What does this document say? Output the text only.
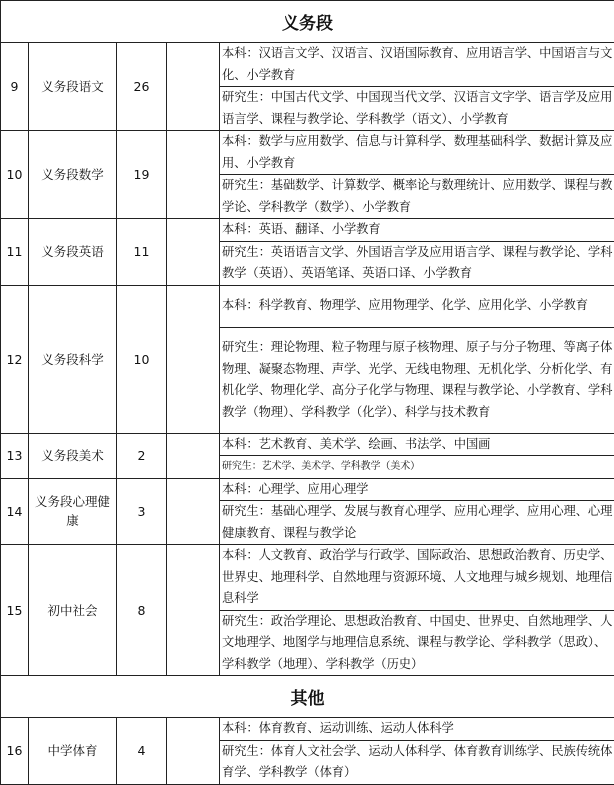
义务段				
9	义务段语文	26		本科：汉语言文学、汉语言、汉语国际教育、应用语言学、中国语言与文化、小学教育
				研究生：中国古代文学、中国现当代文学、汉语言文字学、语言学及应用语言学、课程与教学论、学科教学（语文）、小学教育
10	义务段数学	19		本科：数学与应用数学、信息与计算科学、数理基础科学、数据计算及应用、小学教育
				研究生：基础数学、计算数学、概率论与数理统计、应用数学、课程与教学论、学科教学（数学）、小学教育
11	义务段英语	11		本科：英语、翻译、小学教育
				研究生：英语语言文学、外国语言学及应用语言学、课程与教学论、学科教学（英语）、英语笔译、英语口译、小学教育
12	义务段科学	10		本科：科学教育、物理学、应用物理学、化学、应用化学、小学教育
				研究生：理论物理、粒子物理与原子核物理、原子与分子物理、等离子体物理、凝聚态物理、声学、光学、无线电物理、无机化学、分析化学、有机化学、物理化学、高分子化学与物理、课程与教学论、小学教育、学科教学（物理）、学科教学（化学）、科学与技术教育
13	义务段美术	2		本科：艺术教育、美术学、绘画、书法学、中国画
				研究生：艺术学、美术学、学科教学（美术）
14	义务段心理健康	3		本科：心理学、应用心理学
				研究生：基础心理学、发展与教育心理学、应用心理学、应用心理、心理健康教育、课程与教学论
15	初中社会	8		本科：人文教育、政治学与行政学、国际政治、思想政治教育、历史学、世界史、地理科学、自然地理与资源环境、人文地理与城乡规划、地理信息科学
				研究生：政治学理论、思想政治教育、中国史、世界史、自然地理学、人文地理学、地图学与地理信息系统、课程与教学论、学科教学（思政）、学科教学（地理）、学科教学（历史）
其他				
16	中学体育	4		本科：体育教育、运动训练、运动人体科学
				研究生：体育人文社会学、运动人体科学、体育教育训练学、民族传统体育学、学科教学（体育）
